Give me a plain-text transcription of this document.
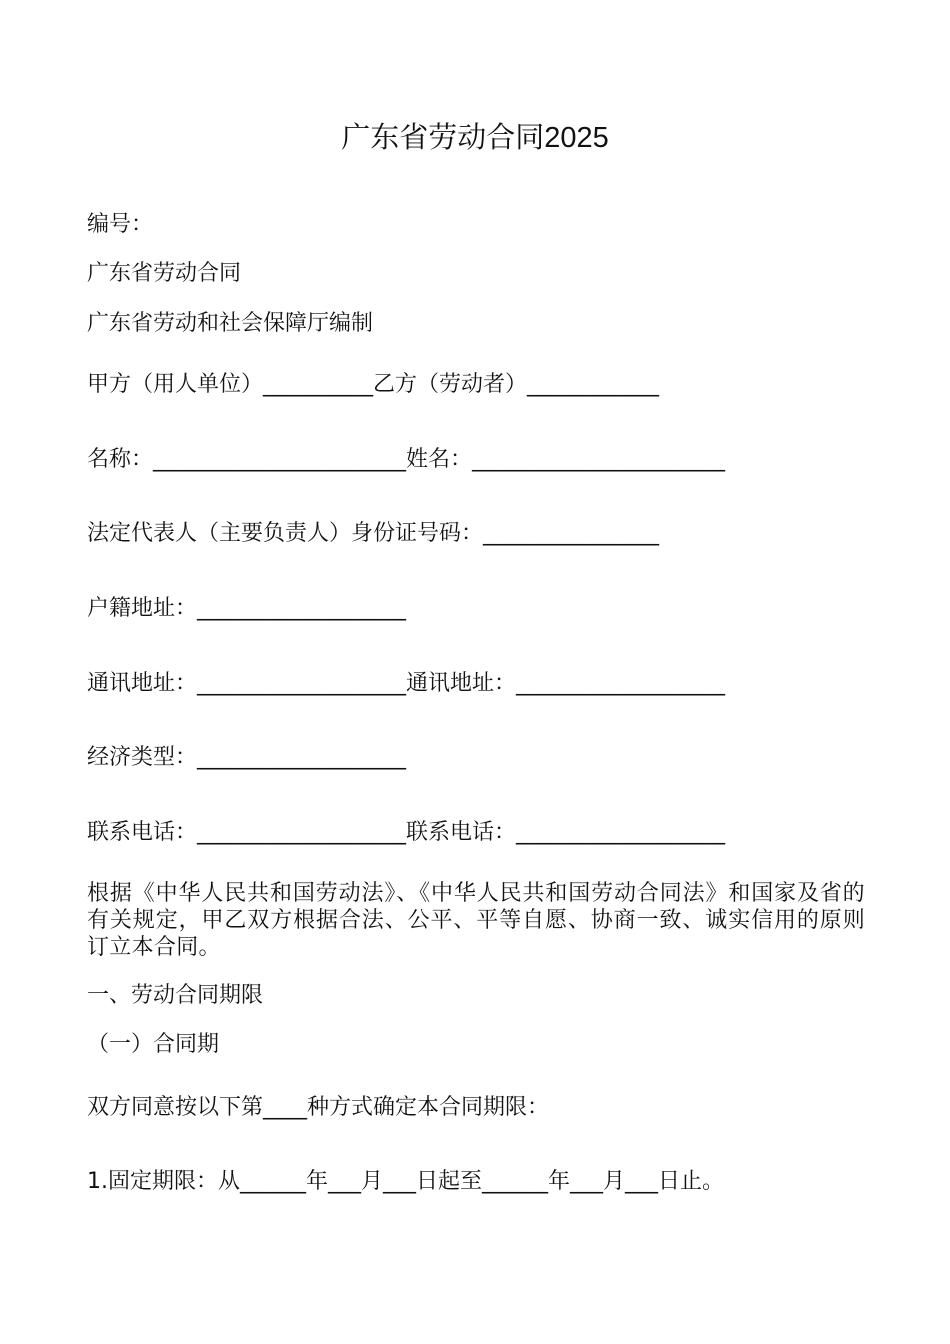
广东省劳动合同2025
编号：
广东省劳动合同
广东省劳动和社会保障厅编制
甲方（用人单位）__________乙方（劳动者）____________
名称：_______________________姓名：_______________________
法定代表人（主要负责人）身份证号码：________________
户籍地址：___________________
通讯地址：___________________通讯地址：___________________
经济类型：___________________
联系电话：___________________联系电话：___________________
根据《中华人民共和国劳动法》、《中华人民共和国劳动合同法》和国家及省的有关规定，甲乙双方根据合法、公平、平等自愿、协商一致、诚实信用的原则订立本合同。
一、劳动合同期限
（一）合同期
双方同意按以下第____种方式确定本合同期限：
1.固定期限：从______年___月___日起至______年___月___日止。
